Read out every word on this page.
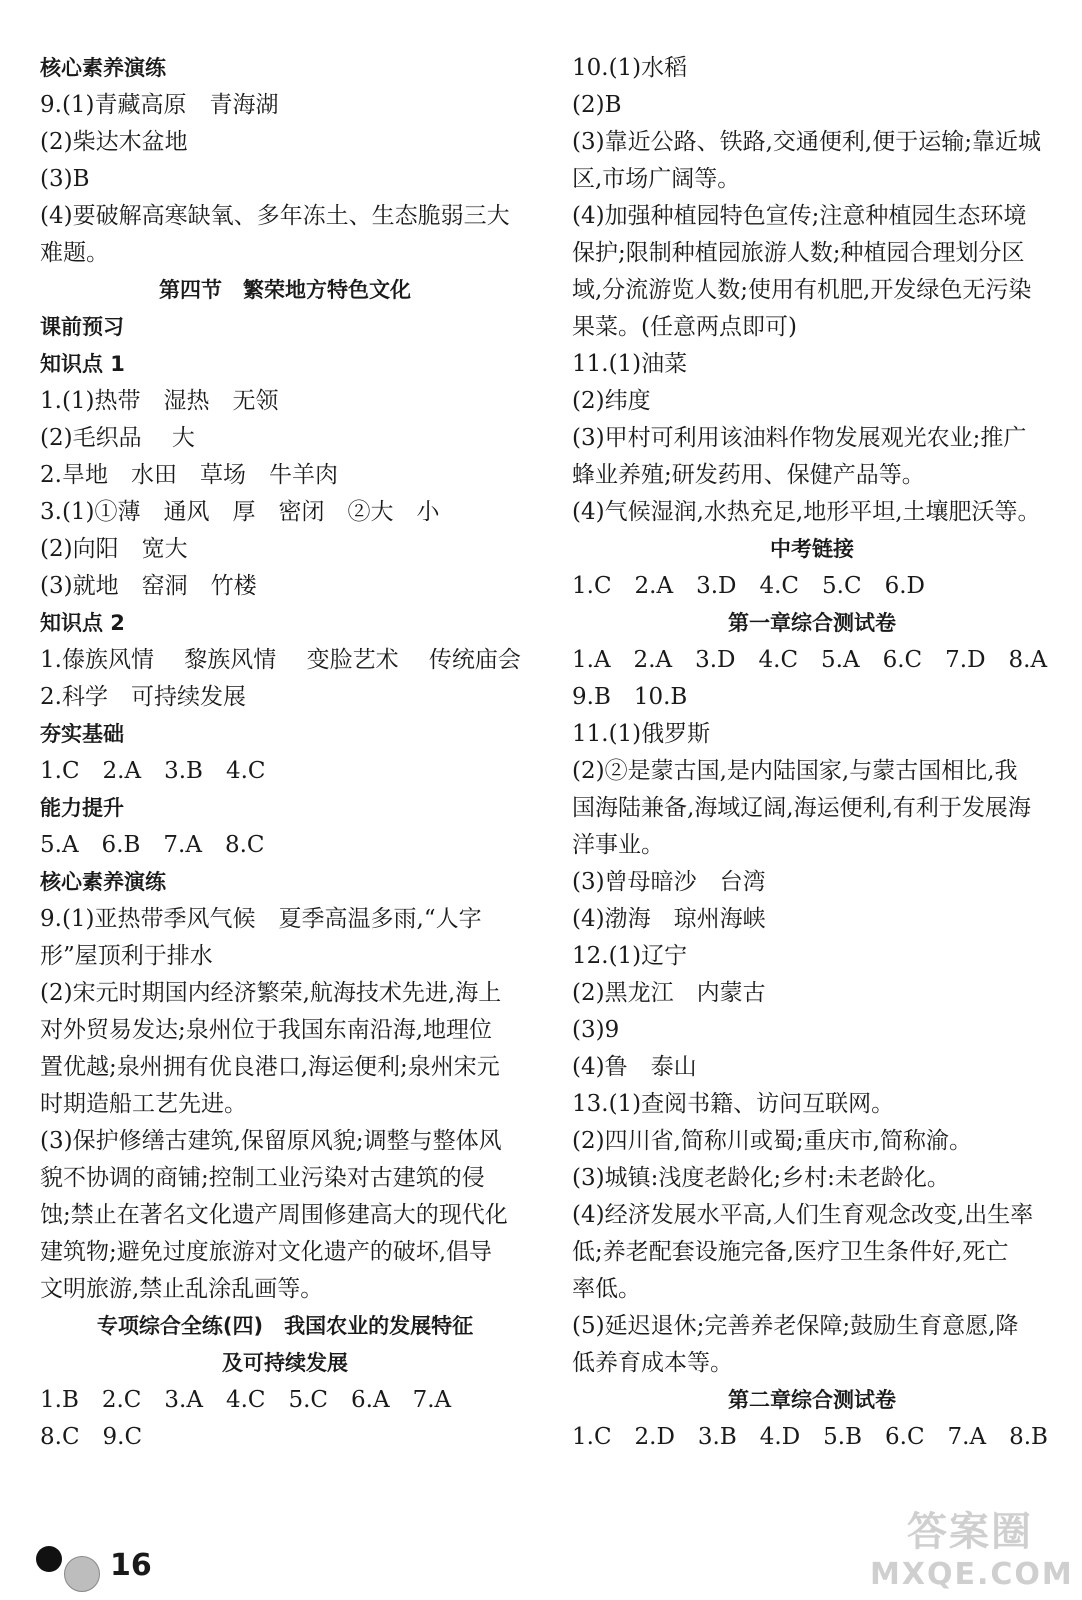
核心素养演练
9.(1)青藏高原　青海湖
(2)柴达木盆地
(3)B
(4)要破解高寒缺氧、多年冻土、生态脆弱三大
难题。
第四节　繁荣地方特色文化
课前预习
知识点 1
1.(1)热带　湿热　无领
(2)毛织品　 大
2.旱地　水田　草场　牛羊肉
3.(1)①薄　通风　厚　密闭　②大　小
(2)向阳　宽大
(3)就地　窑洞　竹楼
知识点 2
1.傣族风情　 黎族风情　 变脸艺术　 传统庙会
2.科学　可持续发展
夯实基础
1.C　2.A　3.B　4.C
能力提升
5.A　6.B　7.A　8.C
核心素养演练
9.(1)亚热带季风气候　夏季高温多雨,“人字
形”屋顶利于排水
(2)宋元时期国内经济繁荣,航海技术先进,海上
对外贸易发达;泉州位于我国东南沿海,地理位
置优越;泉州拥有优良港口,海运便利;泉州宋元
时期造船工艺先进。
(3)保护修缮古建筑,保留原风貌;调整与整体风
貌不协调的商铺;控制工业污染对古建筑的侵
蚀;禁止在著名文化遗产周围修建高大的现代化
建筑物;避免过度旅游对文化遗产的破坏,倡导
文明旅游,禁止乱涂乱画等。
专项综合全练(四)　我国农业的发展特征
及可持续发展
1.B　2.C　3.A　4.C　5.C　6.A　7.A
8.C　9.C
10.(1)水稻
(2)B
(3)靠近公路、铁路,交通便利,便于运输;靠近城
区,市场广阔等。
(4)加强种植园特色宣传;注意种植园生态环境
保护;限制种植园旅游人数;种植园合理划分区
域,分流游览人数;使用有机肥,开发绿色无污染
果菜。(任意两点即可)
11.(1)油菜
(2)纬度
(3)甲村可利用该油料作物发展观光农业;推广
蜂业养殖;研发药用、保健产品等。
(4)气候湿润,水热充足,地形平坦,土壤肥沃等。
中考链接
1.C　2.A　3.D　4.C　5.C　6.D
第一章综合测试卷
1.A　2.A　3.D　4.C　5.A　6.C　7.D　8.A
9.B　10.B
11.(1)俄罗斯
(2)②是蒙古国,是内陆国家,与蒙古国相比,我
国海陆兼备,海域辽阔,海运便利,有利于发展海
洋事业。
(3)曾母暗沙　台湾
(4)渤海　琼州海峡
12.(1)辽宁
(2)黑龙江　内蒙古
(3)9
(4)鲁　泰山
13.(1)查阅书籍、访问互联网。
(2)四川省,简称川或蜀;重庆市,简称渝。
(3)城镇:浅度老龄化;乡村:未老龄化。
(4)经济发展水平高,人们生育观念改变,出生率
低;养老配套设施完备,医疗卫生条件好,死亡
率低。
(5)延迟退休;完善养老保障;鼓励生育意愿,降
低养育成本等。
第二章综合测试卷
1.C　2.D　3.B　4.D　5.B　6.C　7.A　8.B
16
答案圈
MXQE.COM
